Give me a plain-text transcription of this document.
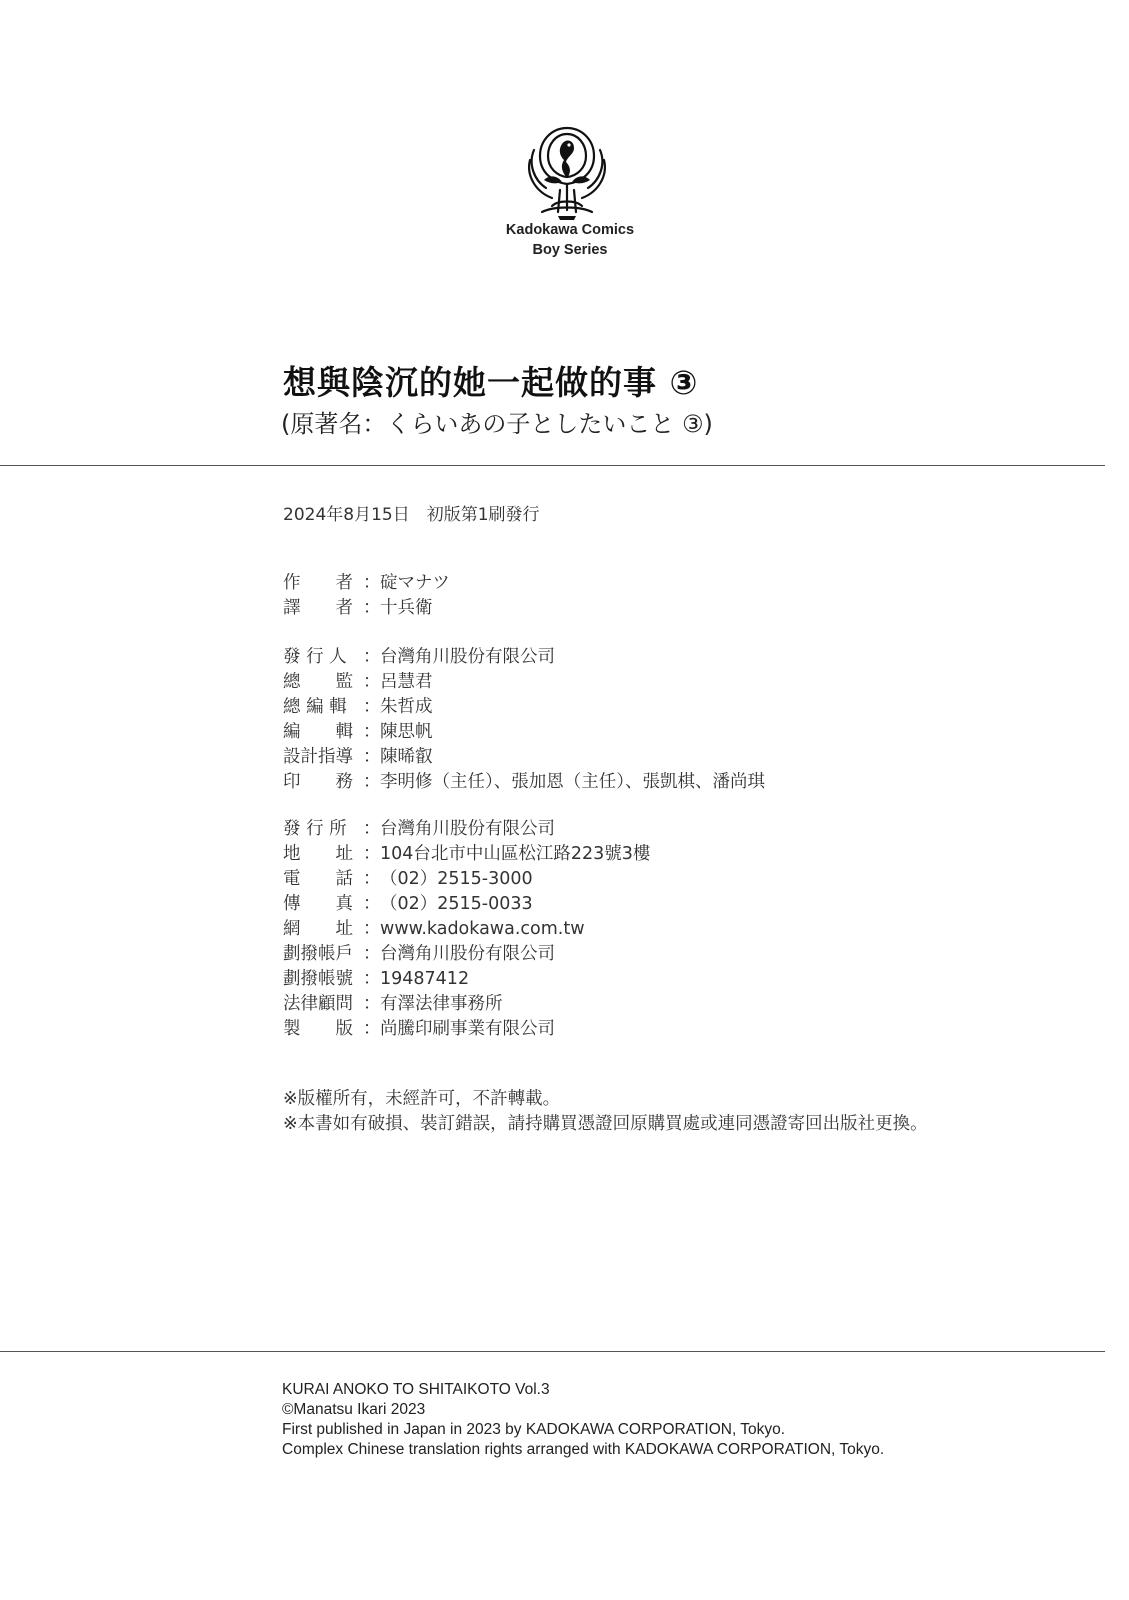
Kadokawa Comics
Boy Series
想與陰沉的她一起做的事 ③
(原著名：くらいあの子としたいこと ③)
2024年8月15日　初版第1刷發行
作　　者 ： 碇マナツ
譯　　者 ： 十兵衛
發 行 人 ： 台灣角川股份有限公司
總　　監 ： 呂慧君
總 編 輯 ： 朱哲成
編　　輯 ： 陳思帆
設計指導 ： 陳晞叡
印　　務 ： 李明修（主任）、張加恩（主任）、張凱棋、潘尚琪
發 行 所 ： 台灣角川股份有限公司
地　　址 ： 104台北市中山區松江路223號3樓
電　　話 ： （02）2515-3000
傳　　真 ： （02）2515-0033
網　　址 ： www.kadokawa.com.tw
劃撥帳戶 ： 台灣角川股份有限公司
劃撥帳號 ： 19487412
法律顧問 ： 有澤法律事務所
製　　版 ： 尚騰印刷事業有限公司
※版權所有，未經許可，不許轉載。
※本書如有破損、裝訂錯誤，請持購買憑證回原購買處或連同憑證寄回出版社更換。
KURAI ANOKO TO SHITAIKOTO Vol.3
©Manatsu Ikari 2023
First published in Japan in 2023 by KADOKAWA CORPORATION, Tokyo.
Complex Chinese translation rights arranged with KADOKAWA CORPORATION, Tokyo.
